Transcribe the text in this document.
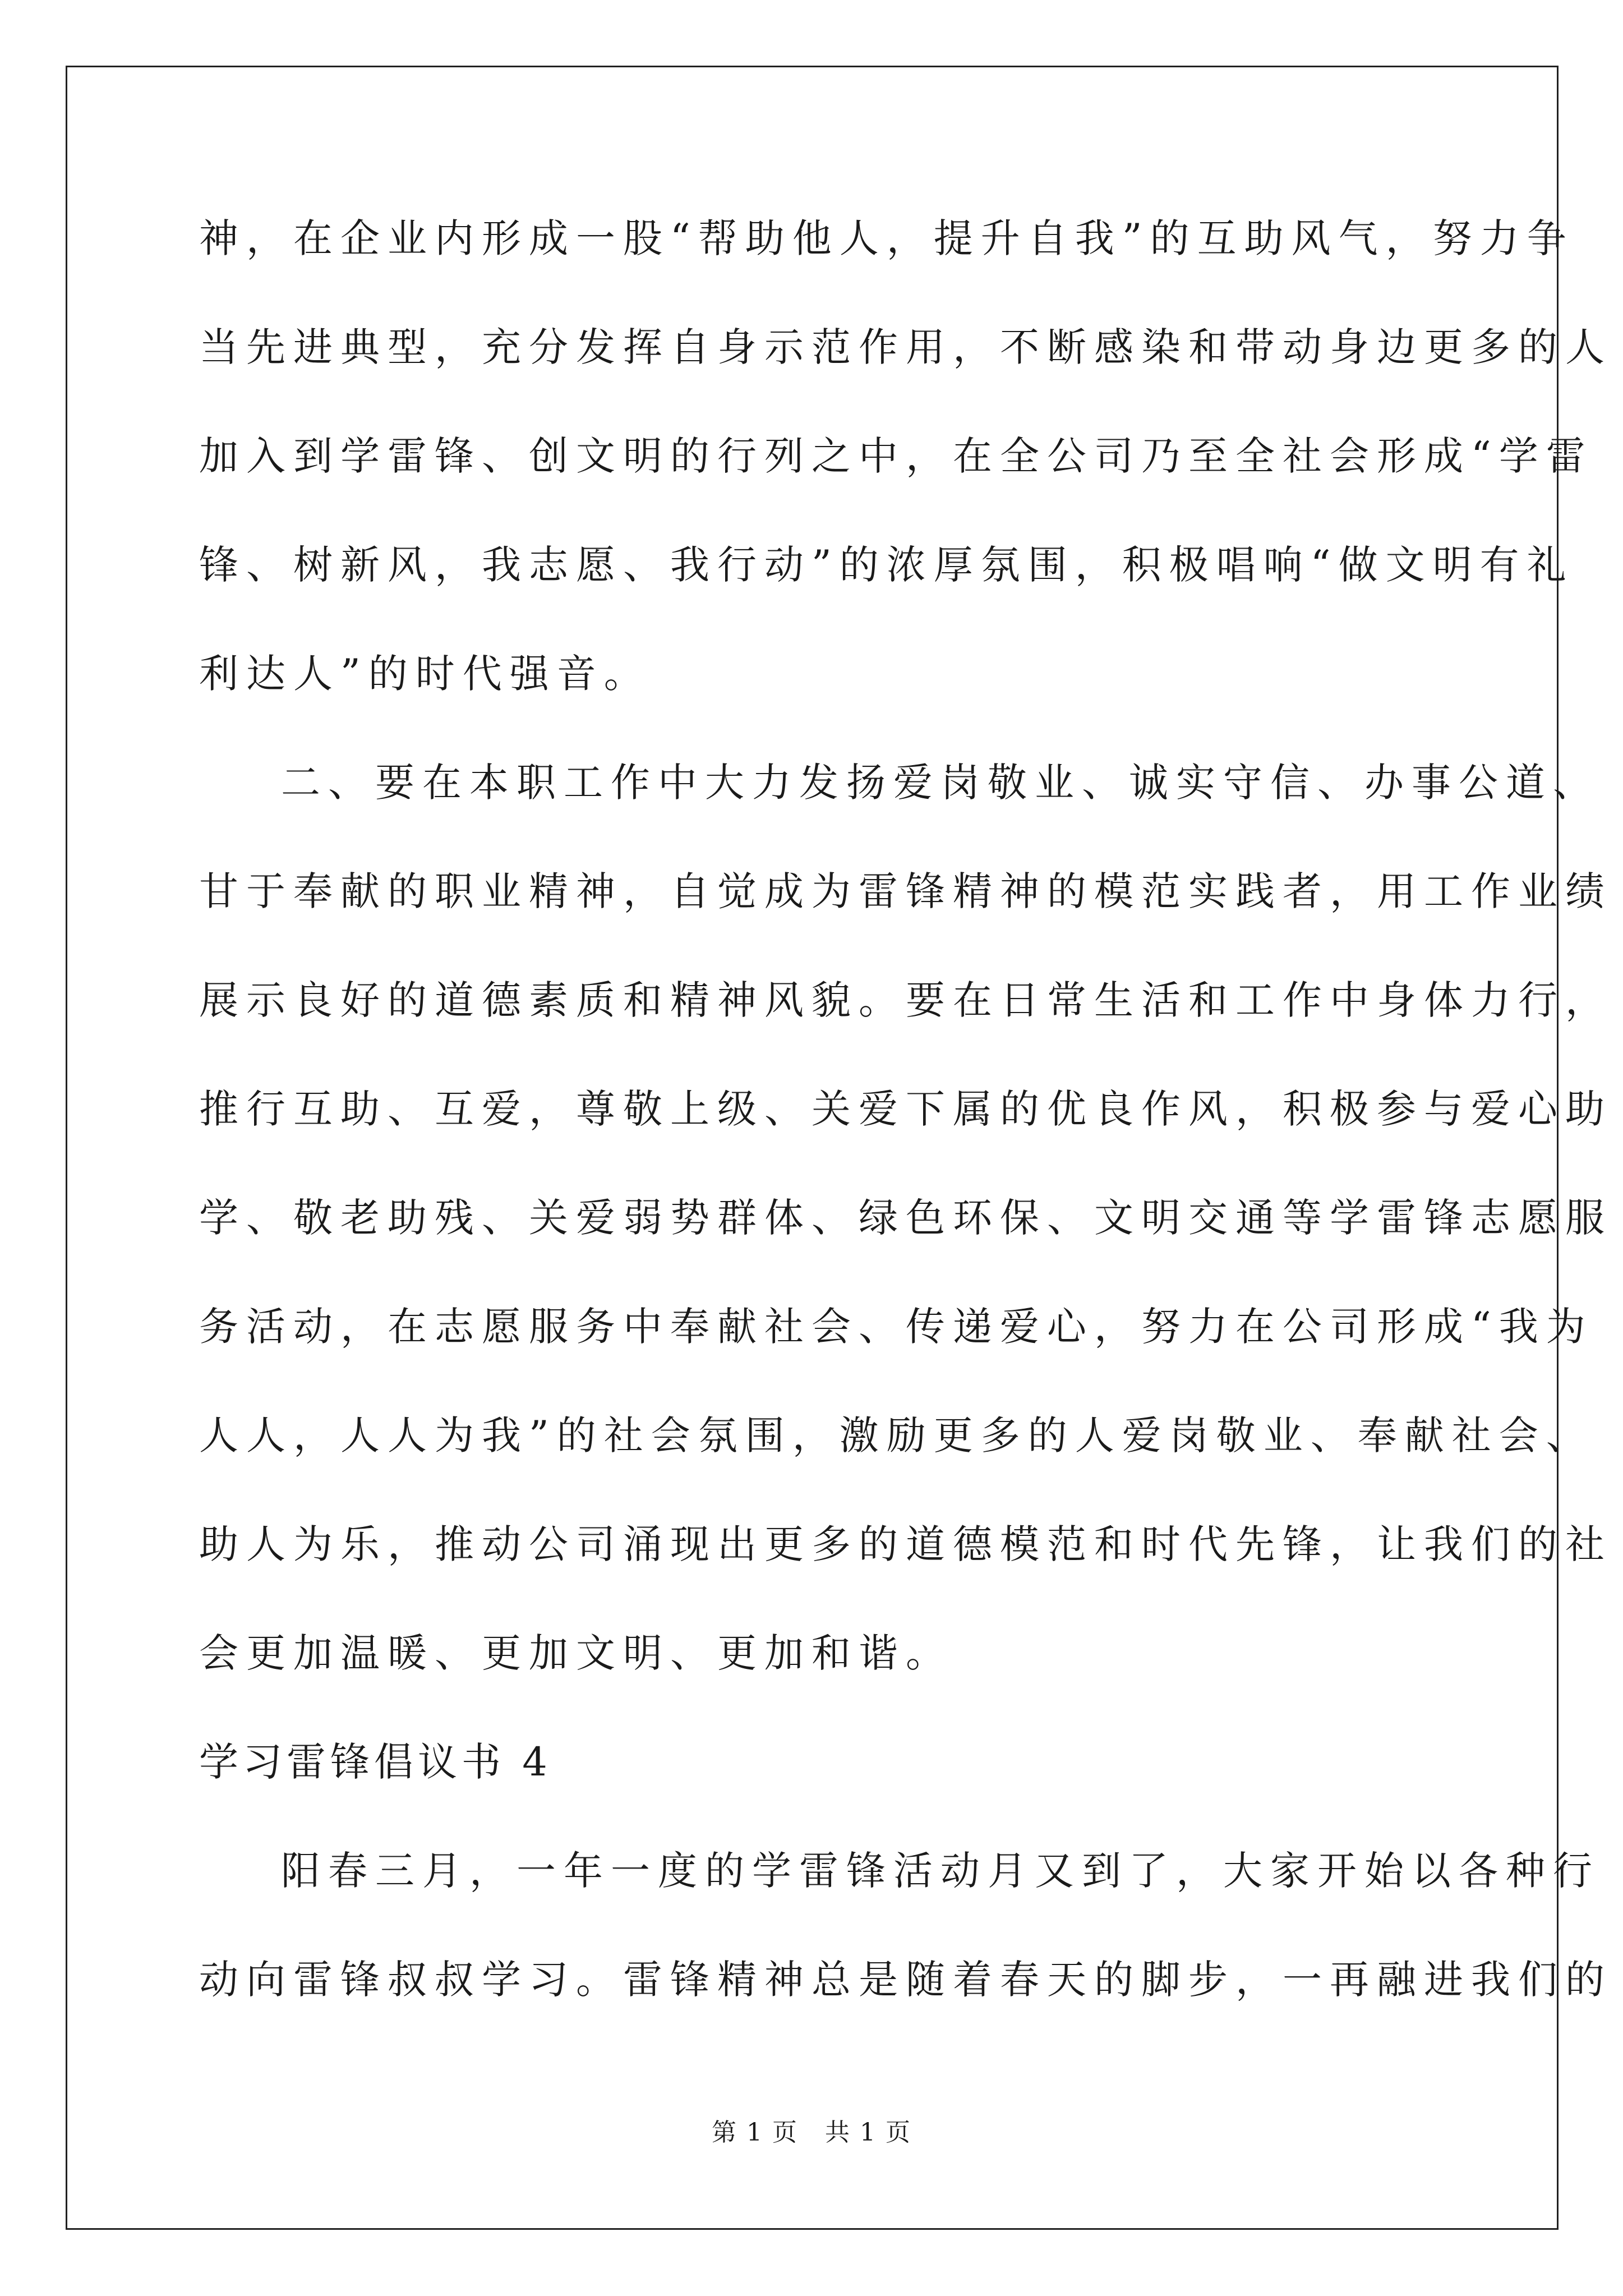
神，在企业内形成一股“帮助他人，提升自我”的互助风气，努力争
当先进典型，充分发挥自身示范作用，不断感染和带动身边更多的人
加入到学雷锋、创文明的行列之中，在全公司乃至全社会形成“学雷
锋、树新风，我志愿、我行动”的浓厚氛围，积极唱响“做文明有礼
利达人”的时代强音。
二、要在本职工作中大力发扬爱岗敬业、诚实守信、办事公道、
甘于奉献的职业精神，自觉成为雷锋精神的模范实践者，用工作业绩
展示良好的道德素质和精神风貌。要在日常生活和工作中身体力行，
推行互助、互爱，尊敬上级、关爱下属的优良作风，积极参与爱心助
学、敬老助残、关爱弱势群体、绿色环保、文明交通等学雷锋志愿服
务活动，在志愿服务中奉献社会、传递爱心，努力在公司形成“我为
人人，人人为我”的社会氛围，激励更多的人爱岗敬业、奉献社会、
助人为乐，推动公司涌现出更多的道德模范和时代先锋，让我们的社
会更加温暖、更加文明、更加和谐。
学习雷锋倡议书 4
阳春三月，一年一度的学雷锋活动月又到了，大家开始以各种行
动向雷锋叔叔学习。雷锋精神总是随着春天的脚步，一再融进我们的
第 1 页 共 1 页
